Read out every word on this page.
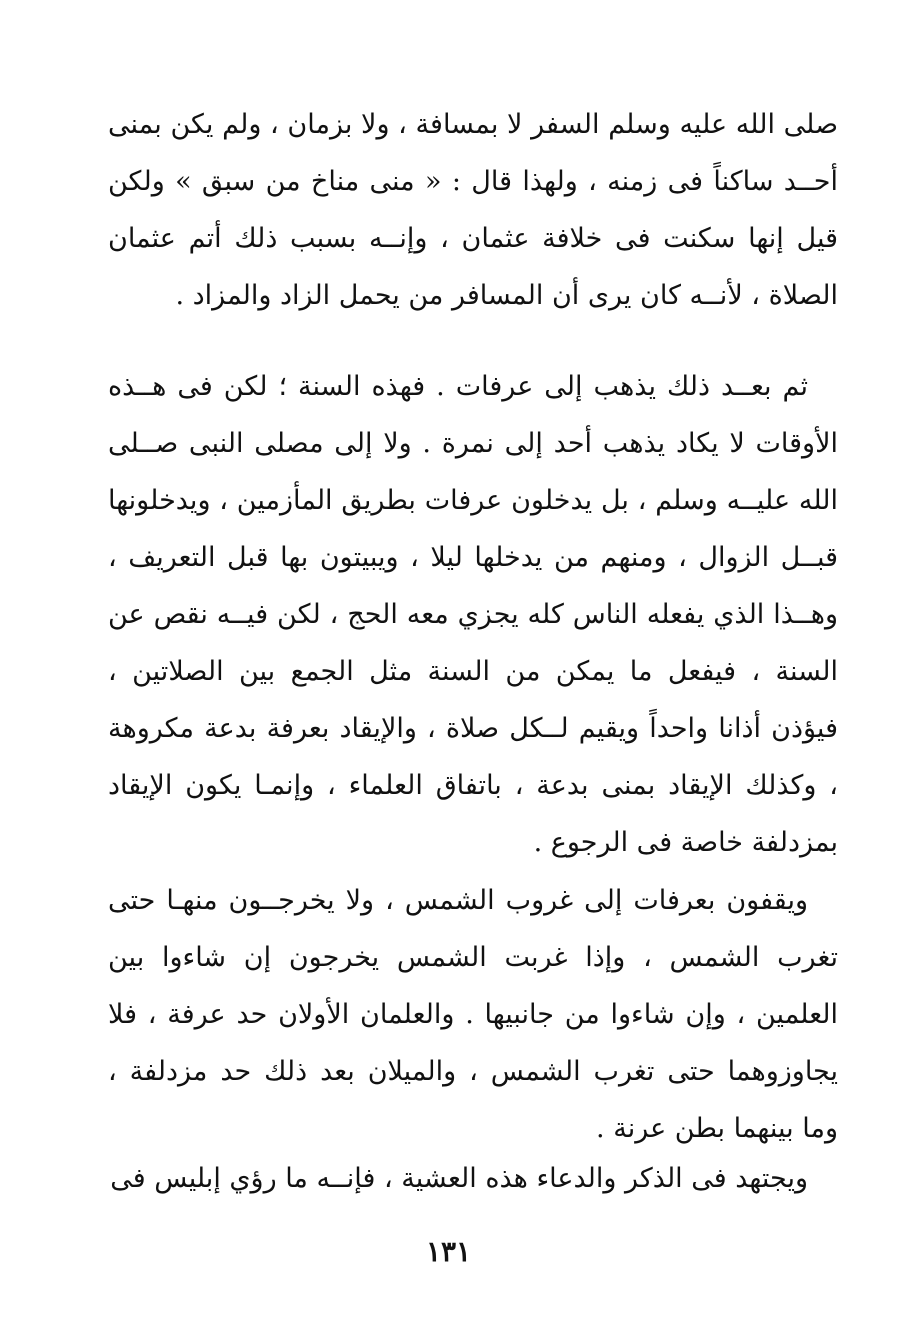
صلى الله عليه وسلم السفر لا بمسافة ، ولا بزمان ، ولم يكن بمنى أحــد ساكناً فى زمنه ، ولهذا قال : « منى مناخ من سبق » ولكن قيل إنها سكنت فى خلافة عثمان ، وإنــه بسبب ذلك أتم عثمان الصلاة ، لأنــه كان يرى أن المسافر من يحمل الزاد والمزاد .

ثم بعــد ذلك يذهب إلى عرفات . فهذه السنة ؛ لكن فى هــذه الأوقات لا يكاد يذهب أحد إلى نمرة . ولا إلى مصلى النبى صــلى الله عليــه وسلم ، بل يدخلون عرفات بطريق المأزمين ، ويدخلونها قبــل الزوال ، ومنهم من يدخلها ليلا ، ويبيتون بها قبل التعريف ، وهــذا الذي يفعله الناس كله يجزي معه الحج ، لكن فيــه نقص عن السنة ، فيفعل ما يمكن من السنة مثل الجمع بين الصلاتين ، فيؤذن أذانا واحداً ويقيم لــكل صلاة ، والإيقاد بعرفة بدعة مكروهة ، وكذلك الإيقاد بمنى بدعة ، باتفاق العلماء ، وإنمـا يكون الإيقاد بمزدلفة خاصة فى الرجوع .

ويقفون بعرفات إلى غروب الشمس ، ولا يخرجــون منهـا حتى تغرب الشمس ، وإذا غربت الشمس يخرجون إن شاءوا بين العلمين ، وإن شاءوا من جانبيها . والعلمان الأولان حد عرفة ، فلا يجاوزوهما حتى تغرب الشمس ، والميلان بعد ذلك حد مزدلفة ، وما بينهما بطن عرنة .

ويجتهد فى الذكر والدعاء هذه العشية ، فإنــه ما رؤي إبليس فى

١٣١
